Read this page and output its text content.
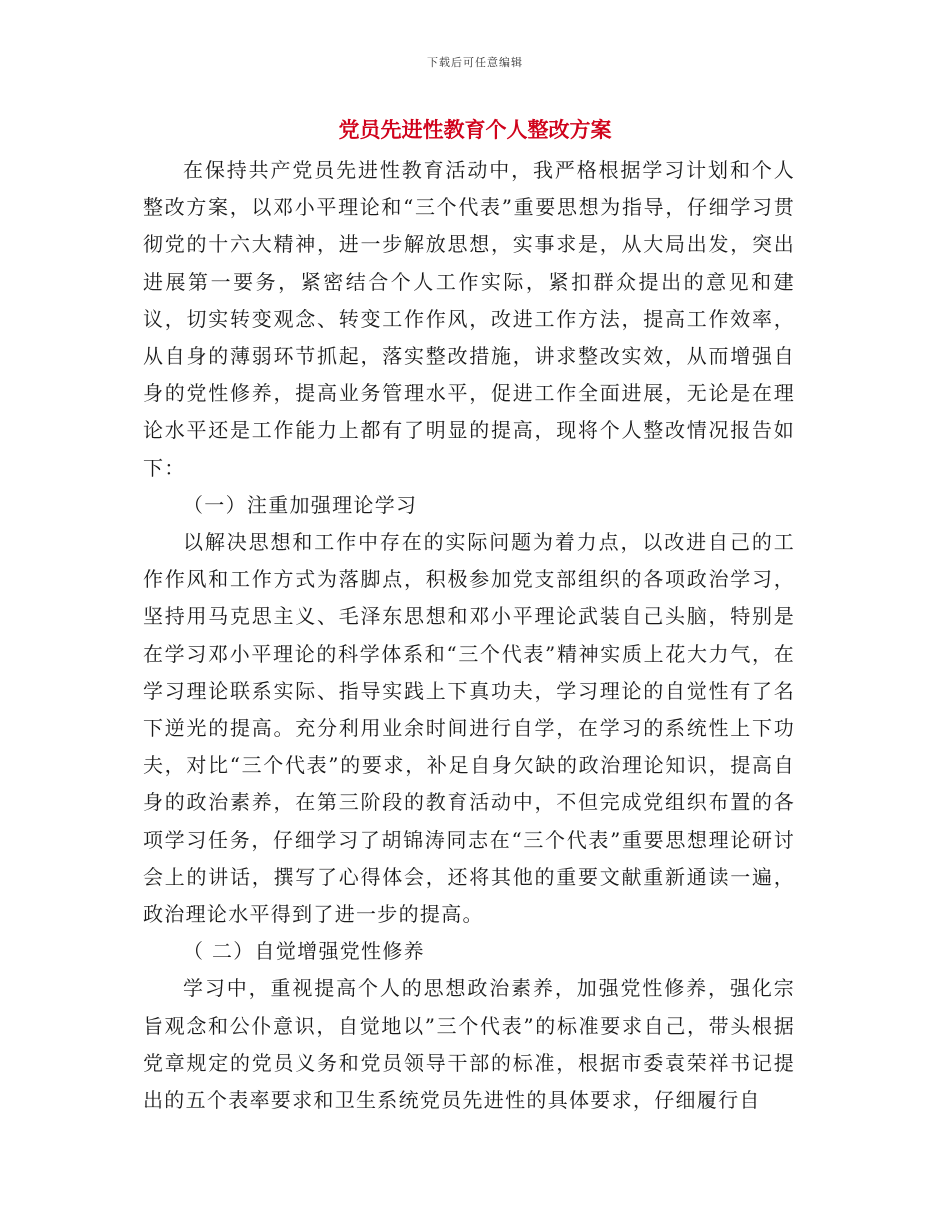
下载后可任意编辑
党员先进性教育个人整改方案

在保持共产党员先进性教育活动中，我严格根据学习计划和个人整改方案，以邓小平理论和“三个代表”重要思想为指导，仔细学习贯彻党的十六大精神，进一步解放思想，实事求是，从大局出发，突出进展第一要务，紧密结合个人工作实际，紧扣群众提出的意见和建议，切实转变观念、转变工作作风，改进工作方法，提高工作效率，从自身的薄弱环节抓起，落实整改措施，讲求整改实效，从而增强自身的党性修养，提高业务管理水平，促进工作全面进展，无论是在理论水平还是工作能力上都有了明显的提高，现将个人整改情况报告如下：

（一）注重加强理论学习

以解决思想和工作中存在的实际问题为着力点，以改进自己的工作作风和工作方式为落脚点，积极参加党支部组织的各项政治学习，坚持用马克思主义、毛泽东思想和邓小平理论武装自己头脑，特别是在学习邓小平理论的科学体系和“三个代表”精神实质上花大力气，在学习理论联系实际、指导实践上下真功夫，学习理论的自觉性有了名下逆光的提高。充分利用业余时间进行自学，在学习的系统性上下功夫，对比“三个代表”的要求，补足自身欠缺的政治理论知识，提高自身的政治素养，在第三阶段的教育活动中，不但完成党组织布置的各项学习任务，仔细学习了胡锦涛同志在“三个代表”重要思想理论研讨会上的讲话，撰写了心得体会，还将其他的重要文献重新通读一遍，政治理论水平得到了进一步的提高。

（ 二）自觉增强党性修养

学习中，重视提高个人的思想政治素养，加强党性修养，强化宗旨观念和公仆意识，自觉地以”三个代表”的标准要求自己，带头根据党章规定的党员义务和党员领导干部的标准，根据市委袁荣祥书记提出的五个表率要求和卫生系统党员先进性的具体要求，仔细履行自
